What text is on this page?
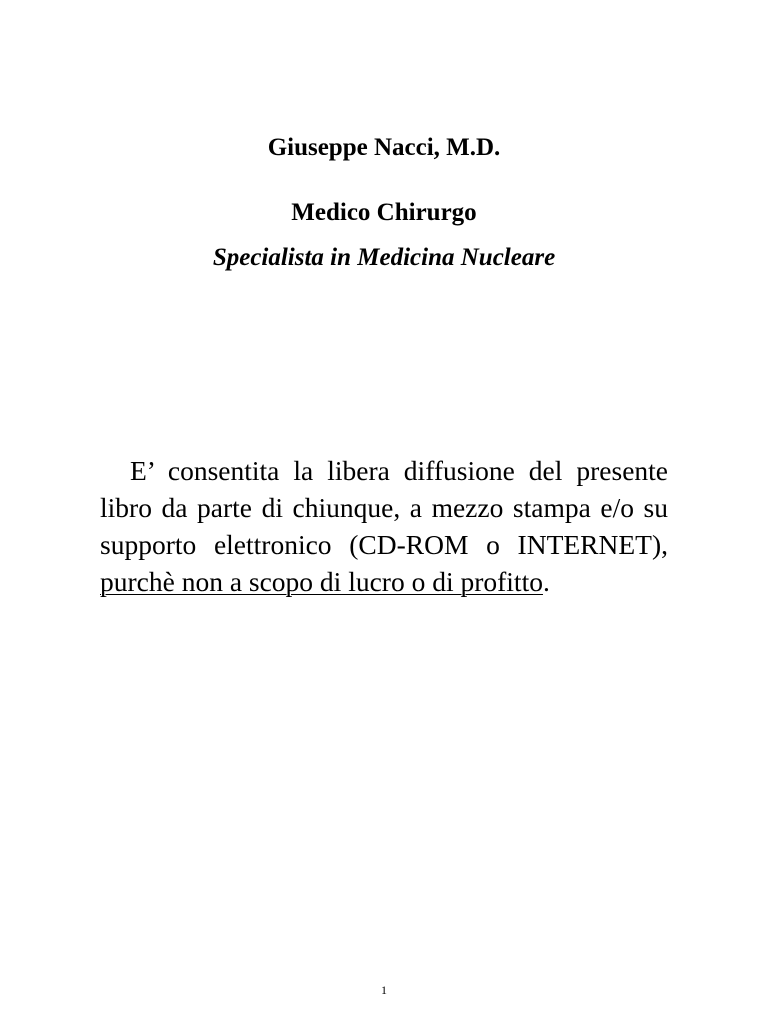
Giuseppe Nacci, M.D.
Medico Chirurgo
Specialista in Medicina Nucleare

E’ consentita la libera diffusione del presente libro da parte di chiunque, a mezzo stampa e/o su supporto elettronico (CD-ROM o INTERNET), purchè non a scopo di lucro o di profitto.

1
